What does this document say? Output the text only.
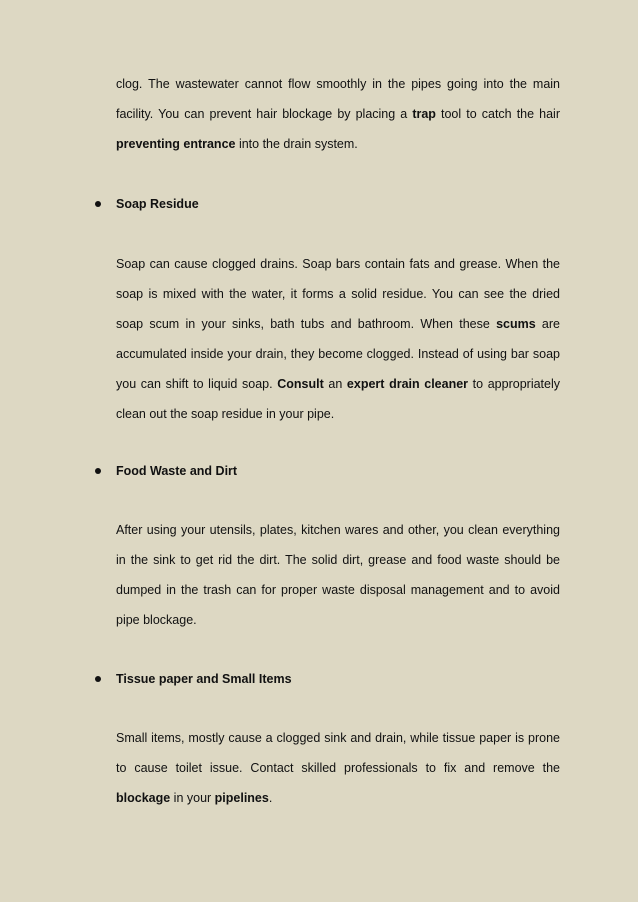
clog. The wastewater cannot flow smoothly in the pipes going into the main facility. You can prevent hair blockage by placing a trap tool to catch the hair preventing entrance into the drain system.

Soap Residue

Soap can cause clogged drains. Soap bars contain fats and grease. When the soap is mixed with the water, it forms a solid residue. You can see the dried soap scum in your sinks, bath tubs and bathroom. When these scums are accumulated inside your drain, they become clogged. Instead of using bar soap you can shift to liquid soap. Consult an expert drain cleaner to appropriately clean out the soap residue in your pipe.

Food Waste and Dirt

After using your utensils, plates, kitchen wares and other, you clean everything in the sink to get rid the dirt. The solid dirt, grease and food waste should be dumped in the trash can for proper waste disposal management and to avoid pipe blockage.

Tissue paper and Small Items

Small items, mostly cause a clogged sink and drain, while tissue paper is prone to cause toilet issue. Contact skilled professionals to fix and remove the blockage in your pipelines.
